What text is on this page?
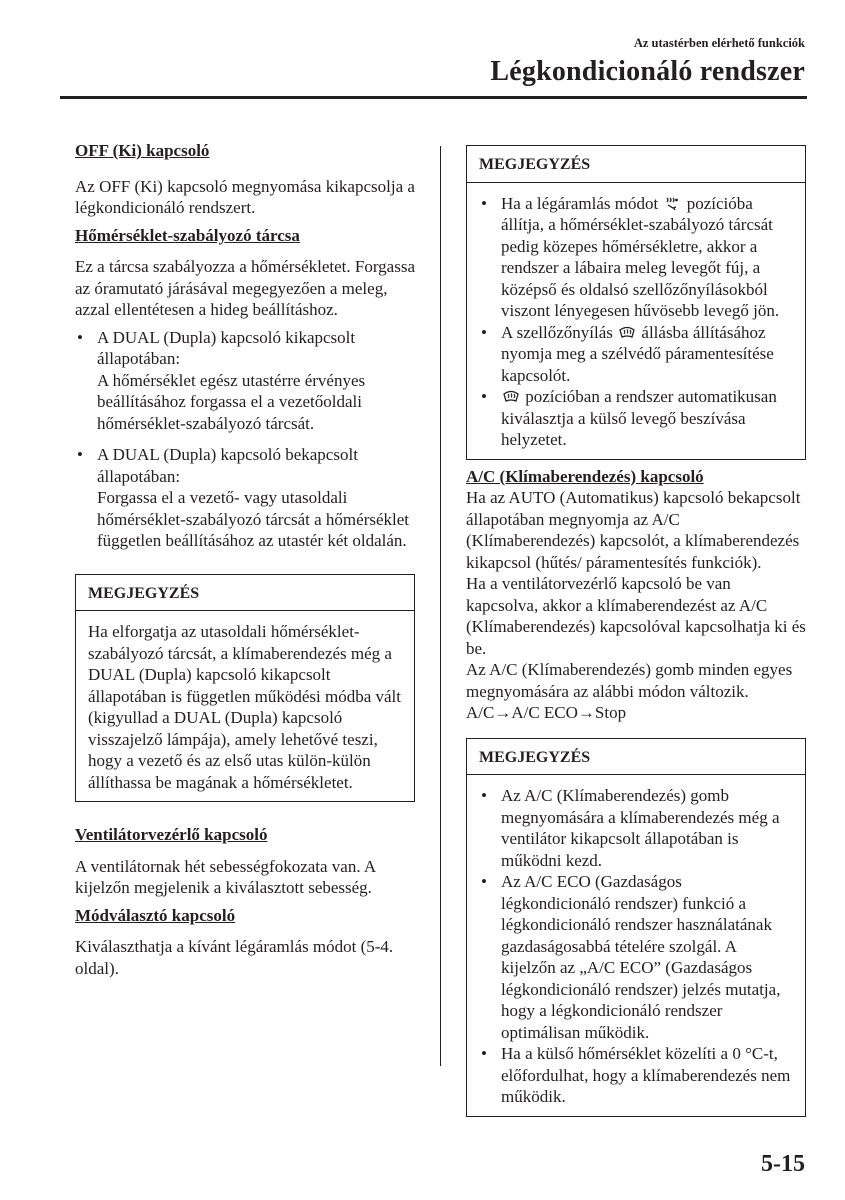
Az utastérben elérhető funkciók
Légkondicionáló rendszer

OFF (Ki) kapcsoló

Az OFF (Ki) kapcsoló megnyomása kikapcsolja a légkondicionáló rendszert.

Hőmérséklet-szabályozó tárcsa

Ez a tárcsa szabályozza a hőmérsékletet. Forgassa az óramutató járásával megegyezően a meleg, azzal ellentétesen a hideg beállításhoz.

• A DUAL (Dupla) kapcsoló kikapcsolt állapotában:
A hőmérséklet egész utastérre érvényes beállításához forgassa el a vezetőoldali hőmérséklet-szabályozó tárcsát.
• A DUAL (Dupla) kapcsoló bekapcsolt állapotában:
Forgassa el a vezető- vagy utasoldali hőmérséklet-szabályozó tárcsát a hőmérséklet független beállításához az utastér két oldalán.
MEGJEGYZÉS
Ha elforgatja az utasoldali hőmérséklet-szabályozó tárcsát, a klímaberendezés még a DUAL (Dupla) kapcsoló kikapcsolt állapotában is független működési módba vált (kigyullad a DUAL (Dupla) kapcsoló visszajelző lámpája), amely lehetővé teszi, hogy a vezető és az első utas külön-külön állíthassa be magának a hőmérsékletet.

Ventilátorvezérlő kapcsoló

A ventilátornak hét sebességfokozata van. A kijelzőn megjelenik a kiválasztott sebesség.

Módválasztó kapcsoló

Kiválaszthatja a kívánt légáramlás módot (5-4. oldal).

MEGJEGYZÉS
• Ha a légáramlás módot pozícióba állítja, a hőmérséklet-szabályozó tárcsát pedig közepes hőmérsékletre, akkor a rendszer a lábaira meleg levegőt fúj, a középső és oldalsó szellőzőnyílásokból viszont lényegesen hűvösebb levegő jön.
• A szellőzőnyílás állásba állításához nyomja meg a szélvédő páramentesítése kapcsolót.
• pozícióban a rendszer automatikusan kiválasztja a külső levegő beszívása helyzetet.

A/C (Klímaberendezés) kapcsoló

Ha az AUTO (Automatikus) kapcsoló bekapcsolt állapotában megnyomja az A/C (Klímaberendezés) kapcsolót, a klímaberendezés kikapcsol (hűtés/ páramentesítés funkciók).

Ha a ventilátorvezérlő kapcsoló be van kapcsolva, akkor a klímaberendezést az A/C (Klímaberendezés) kapcsolóval kapcsolhatja ki és be.

Az A/C (Klímaberendezés) gomb minden egyes megnyomására az alábbi módon változik.

A/C→A/C ECO→Stop

MEGJEGYZÉS
• Az A/C (Klímaberendezés) gomb megnyomására a klímaberendezés még a ventilátor kikapcsolt állapotában is működni kezd.
• Az A/C ECO (Gazdaságos légkondicionáló rendszer) funkció a légkondicionáló rendszer használatának gazdaságosabbá tételére szolgál. A kijelzőn az „A/C ECO” (Gazdaságos légkondicionáló rendszer) jelzés mutatja, hogy a légkondicionáló rendszer optimálisan működik.
• Ha a külső hőmérséklet közelíti a 0 °C-t, előfordulhat, hogy a klímaberendezés nem működik.
5-15
